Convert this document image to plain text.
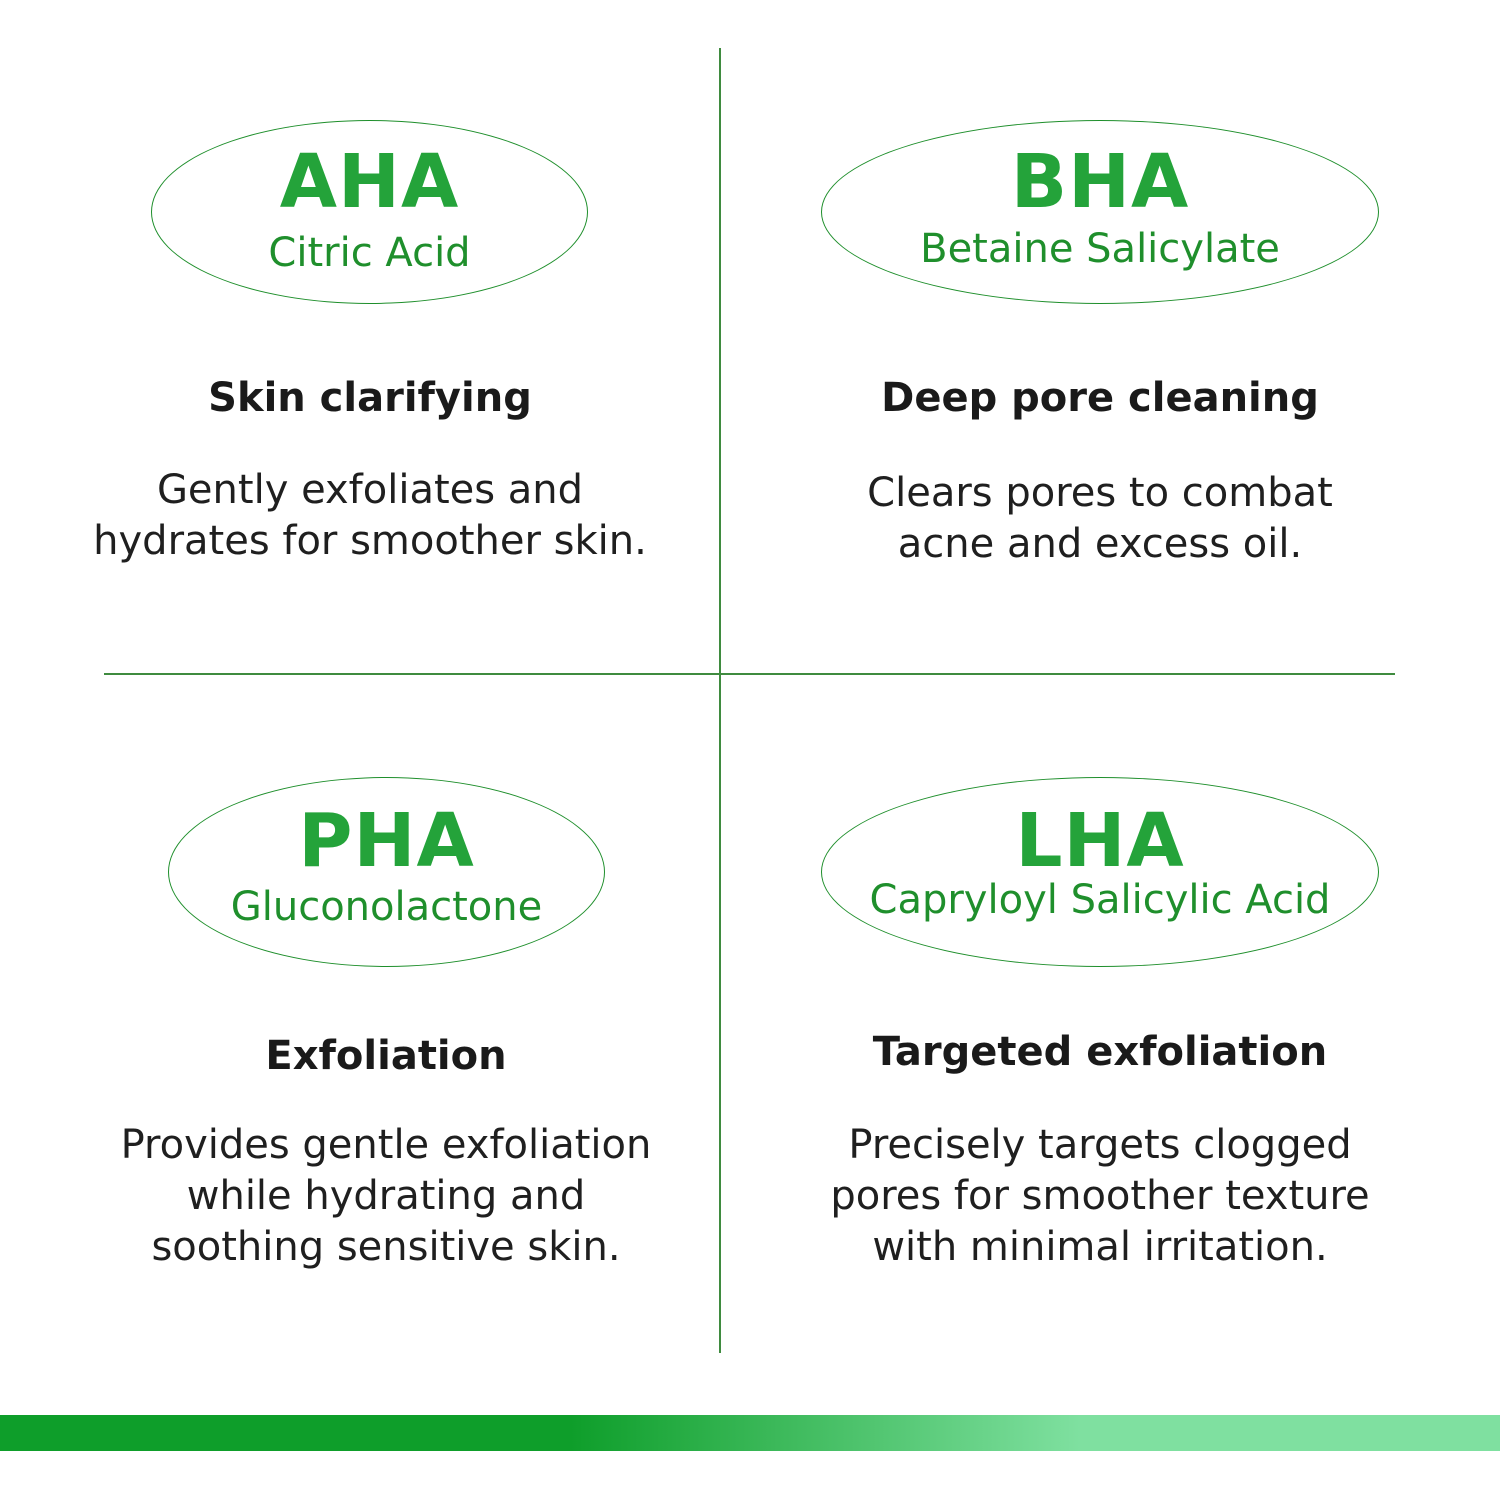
AHA
Citric Acid
Skin clarifying
Gently exfoliates and
hydrates for smoother skin.
BHA
Betaine Salicylate
Deep pore cleaning
Clears pores to combat
acne and excess oil.
PHA
Gluconolactone
Exfoliation
Provides gentle exfoliation
while hydrating and
soothing sensitive skin.
LHA
Capryloyl Salicylic Acid
Targeted exfoliation
Precisely targets clogged
pores for smoother texture
with minimal irritation.
